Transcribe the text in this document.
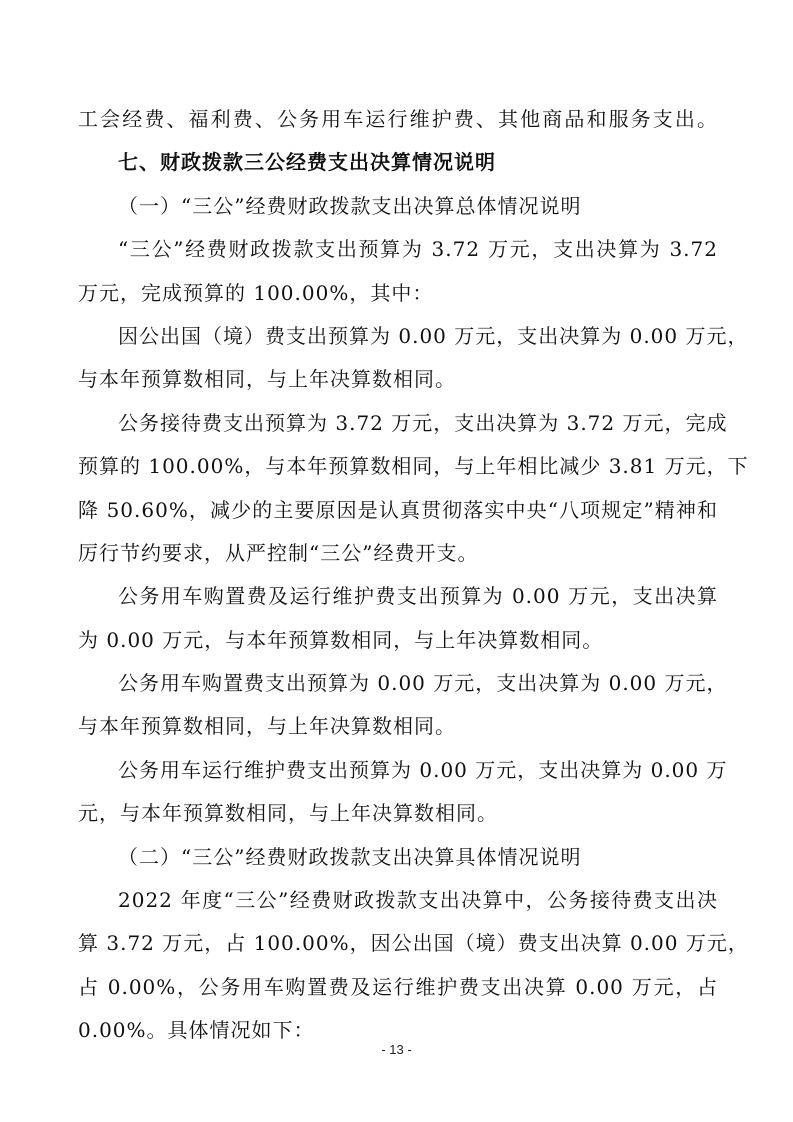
工会经费、福利费、公务用车运行维护费、其他商品和服务支出。
七、财政拨款三公经费支出决算情况说明
（一）“三公”经费财政拨款支出决算总体情况说明
“三公”经费财政拨款支出预算为 3.72 万元，支出决算为 3.72
万元，完成预算的 100.00%，其中：
因公出国（境）费支出预算为 0.00 万元，支出决算为 0.00 万元，
与本年预算数相同，与上年决算数相同。
公务接待费支出预算为 3.72 万元，支出决算为 3.72 万元，完成
预算的 100.00%，与本年预算数相同，与上年相比减少 3.81 万元，下
降 50.60%，减少的主要原因是认真贯彻落实中央“八项规定”精神和
厉行节约要求，从严控制“三公”经费开支。
公务用车购置费及运行维护费支出预算为 0.00 万元，支出决算
为 0.00 万元，与本年预算数相同，与上年决算数相同。
公务用车购置费支出预算为 0.00 万元，支出决算为 0.00 万元，
与本年预算数相同，与上年决算数相同。
公务用车运行维护费支出预算为 0.00 万元，支出决算为 0.00 万
元，与本年预算数相同，与上年决算数相同。
（二）“三公”经费财政拨款支出决算具体情况说明
2022 年度“三公”经费财政拨款支出决算中，公务接待费支出决
算 3.72 万元，占 100.00%，因公出国（境）费支出决算 0.00 万元，
占 0.00%，公务用车购置费及运行维护费支出决算 0.00 万元，占
0.00%。具体情况如下：
- 13 -
